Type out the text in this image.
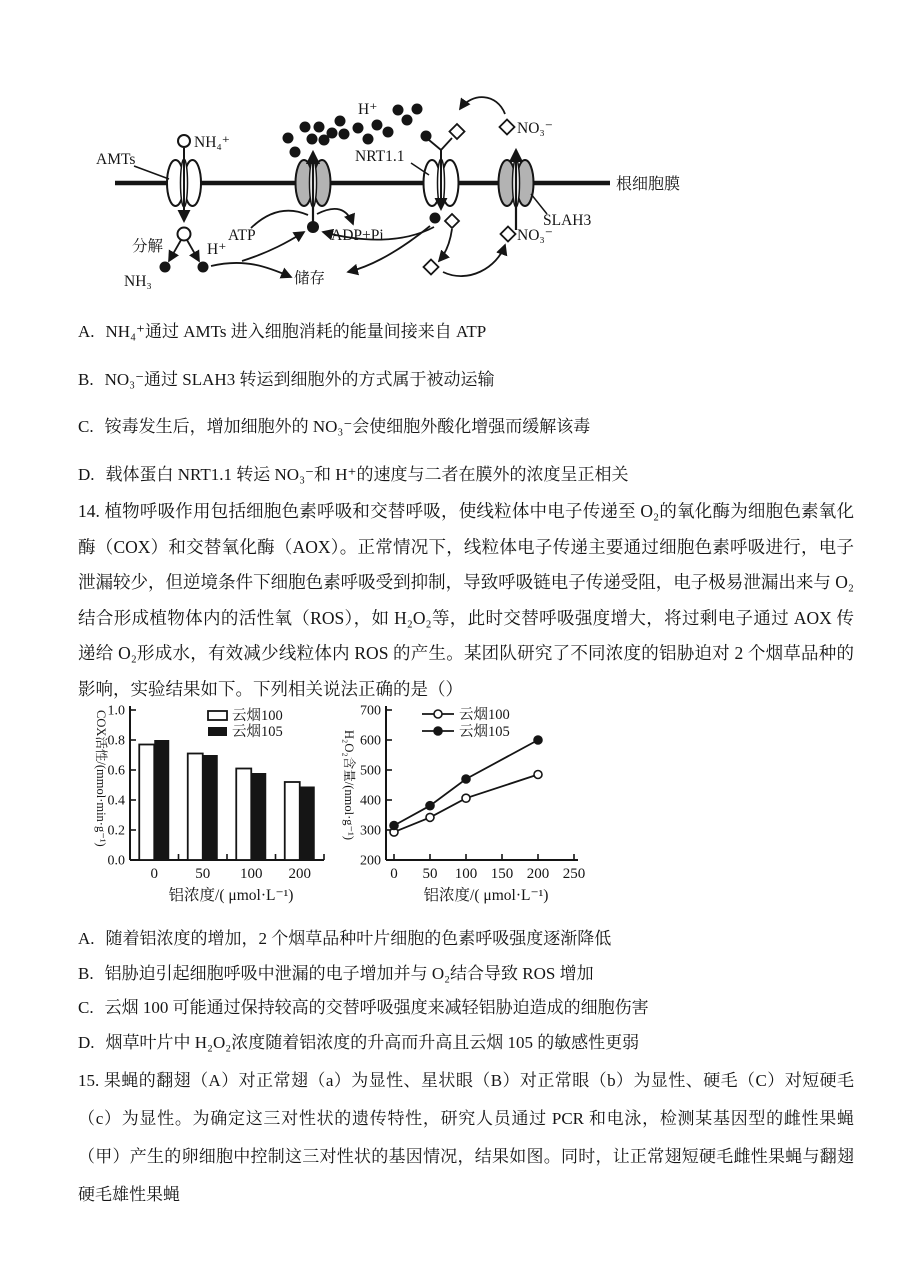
根细胞膜
AMTs
NH₄⁺
分解
NH₃
H⁺
ATP	ADP+Pi
储存
H⁺
NRT1.1
NO₃⁻
SLAH3
NO₃⁻
A. NH₄⁺通过 AMTs 进入细胞消耗的能量间接来自 ATP
B. NO₃⁻通过 SLAH3 转运到细胞外的方式属于被动运输
C. 铵毒发生后，增加细胞外的 NO₃⁻会使细胞外酸化增强而缓解该毒
D. 载体蛋白 NRT1.1 转运 NO₃⁻和 H⁺的速度与二者在膜外的浓度呈正相关
14. 植物呼吸作用包括细胞色素呼吸和交替呼吸，使线粒体中电子传递至 O₂的氧化酶为细胞色素氧化酶（COX）和交替氧化酶（AOX）。正常情况下，线粒体电子传递主要通过细胞色素呼吸进行，电子泄漏较少，但逆境条件下细胞色素呼吸受到抑制，导致呼吸链电子传递受阻，电子极易泄漏出来与 O₂结合形成植物体内的活性氧（ROS），如 H₂O₂等，此时交替呼吸强度增大，将过剩电子通过 AOX 传递给 O₂形成水，有效减少线粒体内 ROS 的产生。某团队研究了不同浓度的铝胁迫对 2 个烟草品种的影响，实验结果如下。下列相关说法正确的是（）
0.0
0.2
0.4
0.6
0.8
1.0
0 50 100 200
铝浓度/( μmol·L⁻¹)
COX活性/(mmol·min·g⁻¹)	云烟100
云烟105
200
300
400
500
600
700
0 50 100 150 200 250
云烟100
云烟105
铝浓度/( μmol·L⁻¹)
H₂O₂含量/(nmol·g⁻¹)
A. 随着铝浓度的增加，2 个烟草品种叶片细胞的色素呼吸强度逐渐降低
B. 铝胁迫引起细胞呼吸中泄漏的电子增加并与 O₂结合导致 ROS 增加
C. 云烟 100 可能通过保持较高的交替呼吸强度来减轻铝胁迫造成的细胞伤害
D. 烟草叶片中 H₂O₂浓度随着铝浓度的升高而升高且云烟 105 的敏感性更弱
15. 果蝇的翻翅（A）对正常翅（a）为显性、星状眼（B）对正常眼（b）为显性、硬毛（C）对短硬毛（c）为显性。为确定这三对性状的遗传特性，研究人员通过 PCR 和电泳，检测某基因型的雌性果蝇（甲）产生的卵细胞中控制这三对性状的基因情况，结果如图。同时，让正常翅短硬毛雌性果蝇与翻翅硬毛雄性果蝇
